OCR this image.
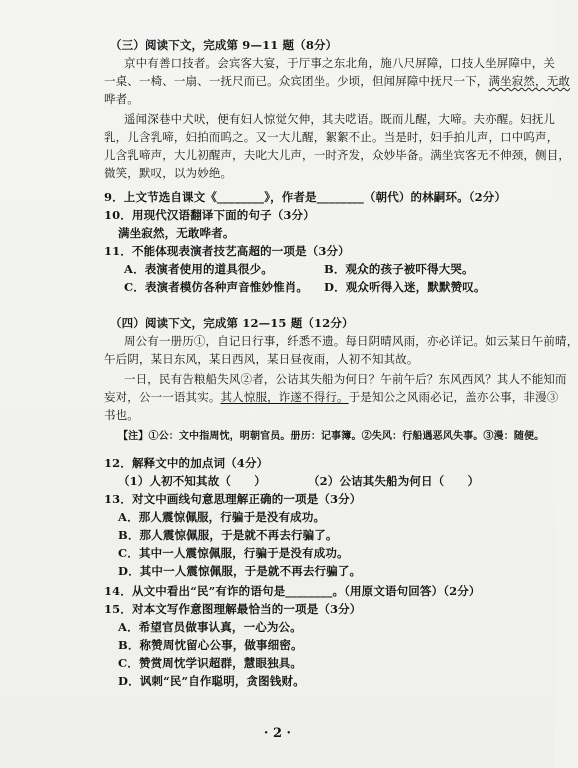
（三）阅读下文，完成第 9—11 题（8分）
京中有善口技者。会宾客大宴，于厅事之东北角，施八尺屏障，口技人坐屏障中，关
一桌、一椅、一扇、一抚尺而已。众宾团坐。少顷，但闻屏障中抚尺一下，满坐寂然，无敢
哗者。
遥闻深巷中犬吠，便有妇人惊觉欠伸，其夫呓语。既而儿醒，大啼。夫亦醒。妇抚儿
乳，儿含乳啼，妇拍而呜之。又一大儿醒，絮絮不止。当是时，妇手拍儿声，口中呜声，
儿含乳啼声，大儿初醒声，夫叱大儿声，一时齐发，众妙毕备。满坐宾客无不伸颈，侧目，
微笑，默叹，以为妙绝。
9．上文节选自课文《________》，作者是________（朝代）的林嗣环。（2分）
10．用现代汉语翻译下面的句子（3分）
满坐寂然，无敢哗者。
11．不能体现表演者技艺高超的一项是（3分）
A．表演者使用的道具很少。	B．观众的孩子被吓得大哭。
C．表演者模仿各种声音惟妙惟肖。 D．观众听得入迷，默默赞叹。
（四）阅读下文，完成第 12—15 题（12分）
周公有一册历①，自记日行事，纤悉不遗。每日阴晴风雨，亦必详记。如云某日午前晴，
午后阴，某日东风，某日西风，某日昼夜雨，人初不知其故。
一日，民有告粮船失风②者，公诘其失船为何日？午前午后？东风西风？其人不能知而
妄对，公一一语其实。其人惊服，诈遂不得行。于是知公之风雨必记，盖亦公事，非漫③
书也。
【注】①公：文中指周忱，明朝官员。册历：记事簿。②失风：行船遇恶风失事。③漫：随便。
12．解释文中的加点词（4分）
（1）人初不知其故（　　）	（2）公诘其失船为何日（　　）
13．对文中画线句意思理解正确的一项是（3分）
A．那人震惊佩服，行骗于是没有成功。
B．那人震惊佩服，于是就不再去行骗了。
C．其中一人震惊佩服，行骗于是没有成功。
D．其中一人震惊佩服，于是就不再去行骗了。
14．从文中看出“民”有诈的语句是________。（用原文语句回答）（2分）
15．对本文写作意图理解最恰当的一项是（3分）
A．希望官员做事认真，一心为公。
B．称赞周忱留心公事，做事细密。
C．赞赏周忱学识超群，慧眼独具。
D．讽刺“民”自作聪明，贪图钱财。
· 2 ·
